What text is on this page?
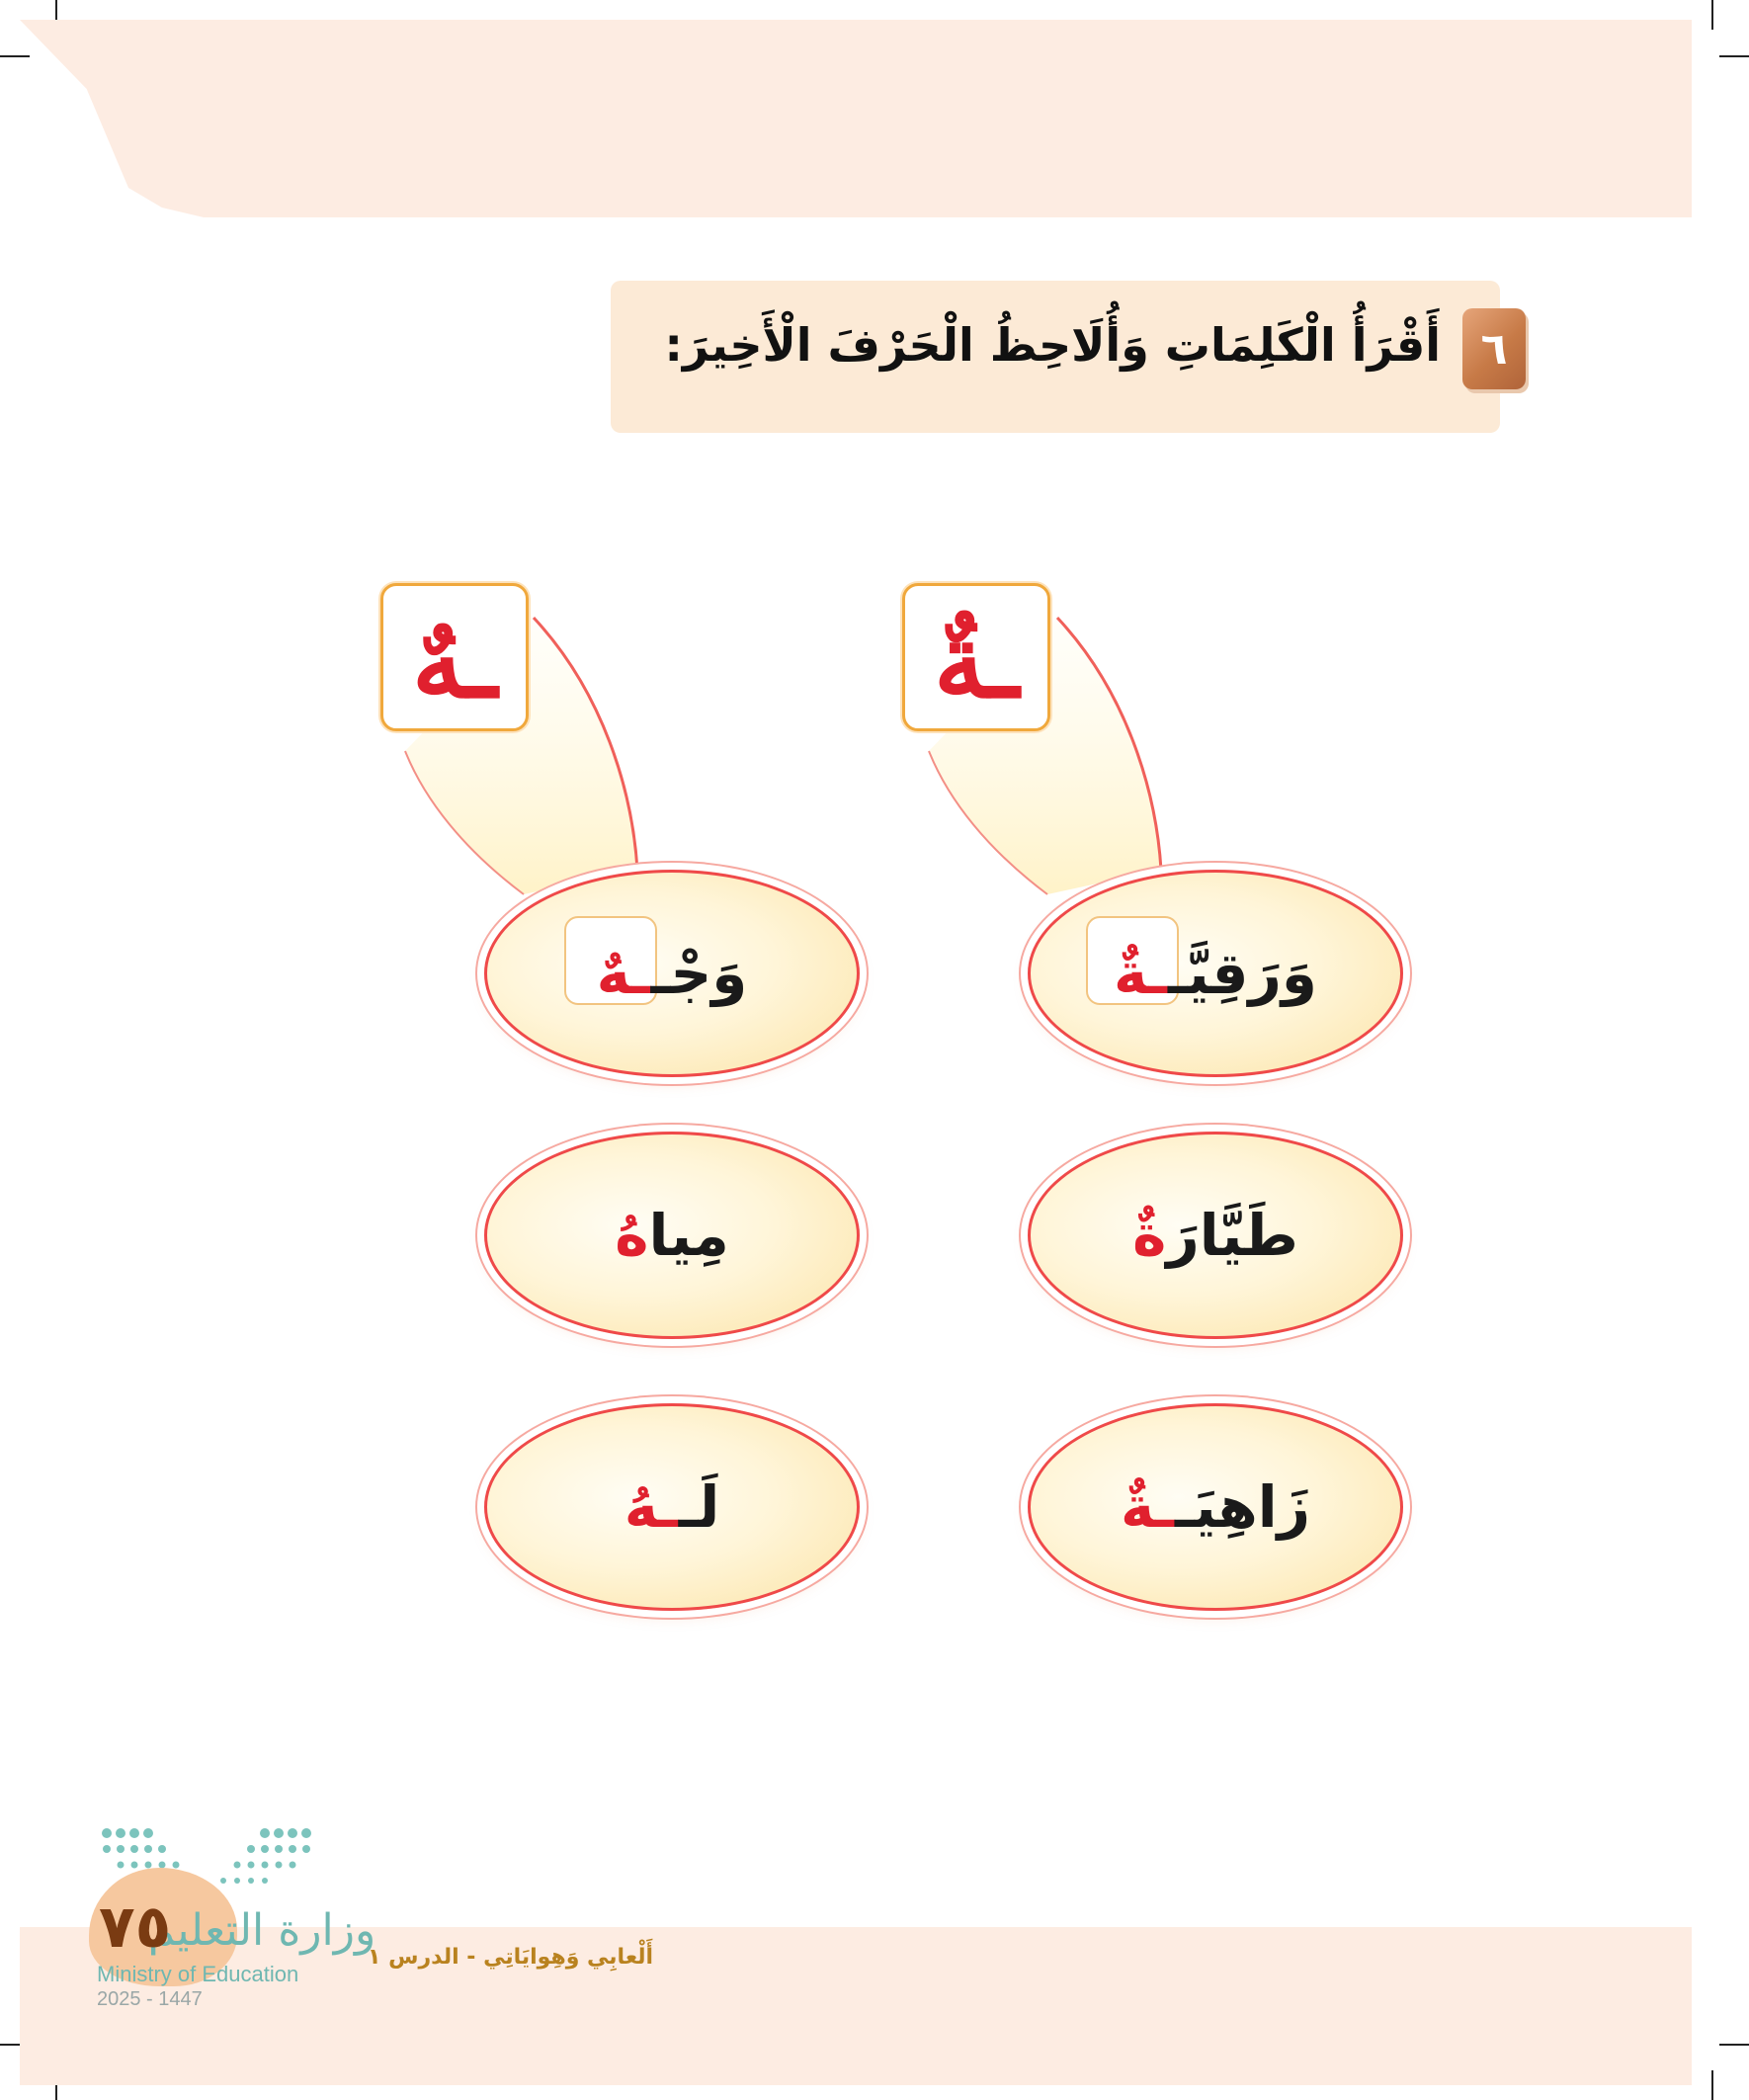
أَقْرَأُ الْكَلِمَاتِ وَأُلَاحِظُ الْحَرْفَ الْأَخِيرَ: ٦
ـةٌ
ـهٌ
وَرَقِيَّــةٌ
وَجْــهٌ
طَيَّارَةٌ
مِياهُ
زَاهِيَــةٌ
لَــهُ
وزارة التعليم
٧٥
Ministry of Education
2025 - 1447
أَلْعابِي وَهِوايَاتِي - الدرس ١
